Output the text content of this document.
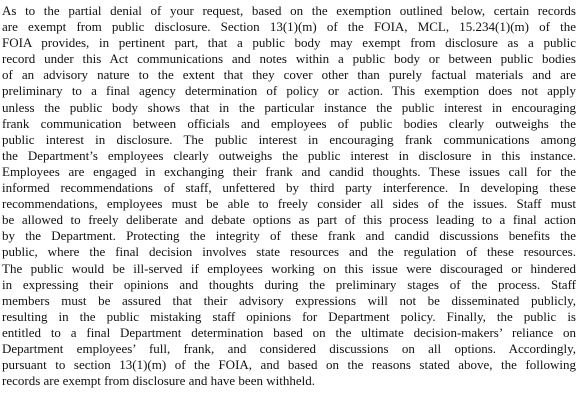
As to the partial denial of your request, based on the exemption outlined below, certain records
are exempt from public disclosure. Section 13(1)(m) of the FOIA, MCL, 15.234(1)(m) of the
FOIA provides, in pertinent part, that a public body may exempt from disclosure as a public
record under this Act communications and notes within a public body or between public bodies
of an advisory nature to the extent that they cover other than purely factual materials and are
preliminary to a final agency determination of policy or action. This exemption does not apply
unless the public body shows that in the particular instance the public interest in encouraging
frank communication between officials and employees of public bodies clearly outweighs the
public interest in disclosure. The public interest in encouraging frank communications among
the Department’s employees clearly outweighs the public interest in disclosure in this instance.
Employees are engaged in exchanging their frank and candid thoughts. These issues call for the
informed recommendations of staff, unfettered by third party interference. In developing these
recommendations, employees must be able to freely consider all sides of the issues. Staff must
be allowed to freely deliberate and debate options as part of this process leading to a final action
by the Department. Protecting the integrity of these frank and candid discussions benefits the
public, where the final decision involves state resources and the regulation of these resources.
The public would be ill-served if employees working on this issue were discouraged or hindered
in expressing their opinions and thoughts during the preliminary stages of the process. Staff
members must be assured that their advisory expressions will not be disseminated publicly,
resulting in the public mistaking staff opinions for Department policy. Finally, the public is
entitled to a final Department determination based on the ultimate decision-makers’ reliance on
Department employees’ full, frank, and considered discussions on all options. Accordingly,
pursuant to section 13(1)(m) of the FOIA, and based on the reasons stated above, the following
records are exempt from disclosure and have been withheld.
